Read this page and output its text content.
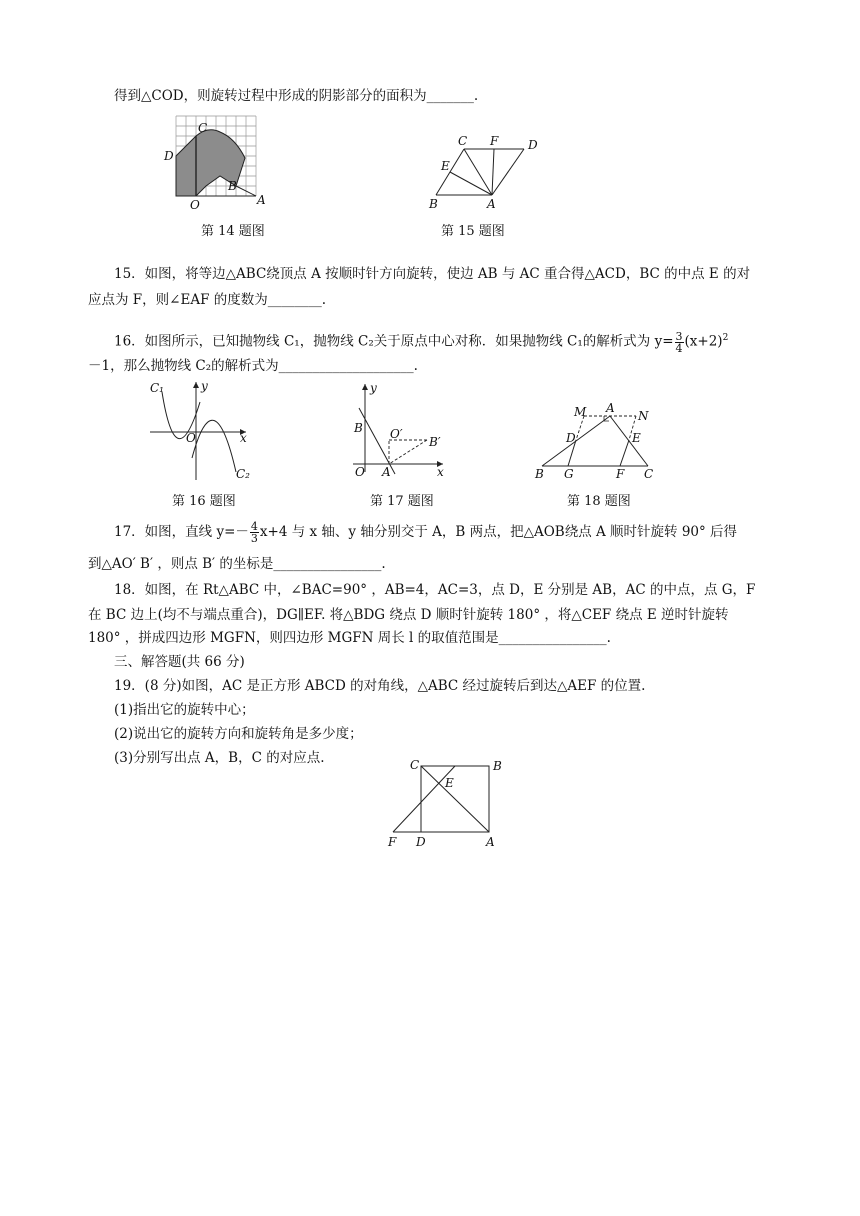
得到△COD，则旋转过程中形成的阴影部分的面积为_______.
C
D
B
O	A
C F D
E
B	A
第 14 题图	第 15 题图
15．如图，将等边△ABC绕顶点 A 按顺时针方向旋转，使边 AB 与 AC 重合得△ACD，BC 的中点 E 的对
应点为 F，则∠EAF 的度数为________.
16．如图所示，已知抛物线 C₁，抛物线 C₂关于原点中心对称．如果抛物线 C₁的解析式为 $y= \frac{3}{4} (x+2)^2$
－1，那么抛物线 C₂的解析式为____________________.
C₁	y
O	x
C₂
y
B O′
B′
O A	x
M A
N
D	E
B G	F C
第 16 题图	第 17 题图	第 18 题图
17．如图，直线 $y=- \frac{4}{3} x+4$ 与 x 轴、y 轴分别交于 A，B 两点，把△AOB绕点 A 顺时针旋转 90° 后得
到△AO′ B′ ，则点 B′ 的坐标是________________.
18．如图，在 Rt△ABC 中，∠BAC=90° ，AB=4，AC=3，点 D，E 分别是 AB，AC 的中点，点 G，F
在 BC 边上(均不与端点重合)，DG∥EF. 将△BDG 绕点 D 顺时针旋转 180° ，将△CEF 绕点 E 逆时针旋转
180° ，拼成四边形 MGFN，则四边形 MGFN 周长 l 的取值范围是________________.
三、解答题(共 66 分)
19．(8 分)如图，AC 是正方形 ABCD 的对角线，△ABC 经过旋转后到达△AEF 的位置.
(1)指出它的旋转中心；
(2)说出它的旋转方向和旋转角是多少度；
(3)分别写出点 A，B，C 的对应点.	C	B
E
F D	A
